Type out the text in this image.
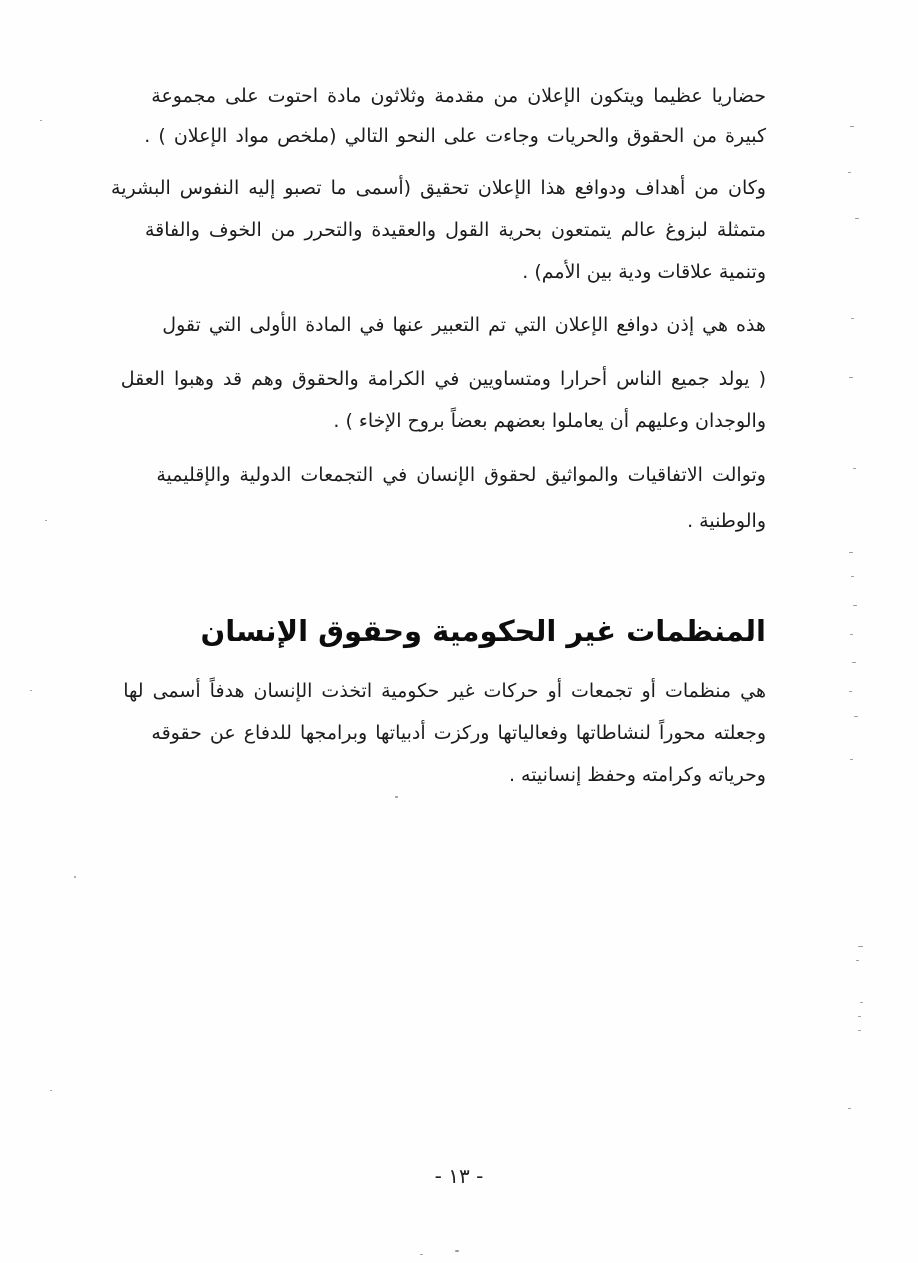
حضاريا عظيما ويتكون الإعلان من مقدمة وثلاثون مادة احتوت على مجموعة
كبيرة من الحقوق والحريات وجاءت على النحو التالي (ملخص مواد الإعلان ) .
وكان من أهداف ودوافع هذا الإعلان تحقيق (أسمى ما تصبو إليه النفوس البشرية
متمثلة لبزوغ عالم يتمتعون بحرية القول والعقيدة والتحرر من الخوف والفاقة
وتنمية علاقات ودية بين الأمم) .
هذه هي إذن دوافع الإعلان التي تم التعبير عنها في المادة الأولى التي تقول
( يولد جميع الناس أحرارا ومتساويين في الكرامة والحقوق وهم قد وهبوا العقل
والوجدان وعليهم أن يعاملوا بعضهم بعضاً بروح الإخاء ) .
وتوالت الاتفاقيات والمواثيق لحقوق الإنسان في التجمعات الدولية والإقليمية
والوطنية .
المنظمات غير الحكومية وحقوق الإنسان
هي منظمات أو تجمعات أو حركات غير حكومية اتخذت الإنسان هدفاً أسمى لها
وجعلته محوراً لنشاطاتها وفعالياتها وركزت أدبياتها وبرامجها للدفاع عن حقوقه
وحرياته وكرامته وحفظ إنسانيته .
- ١٣ -
